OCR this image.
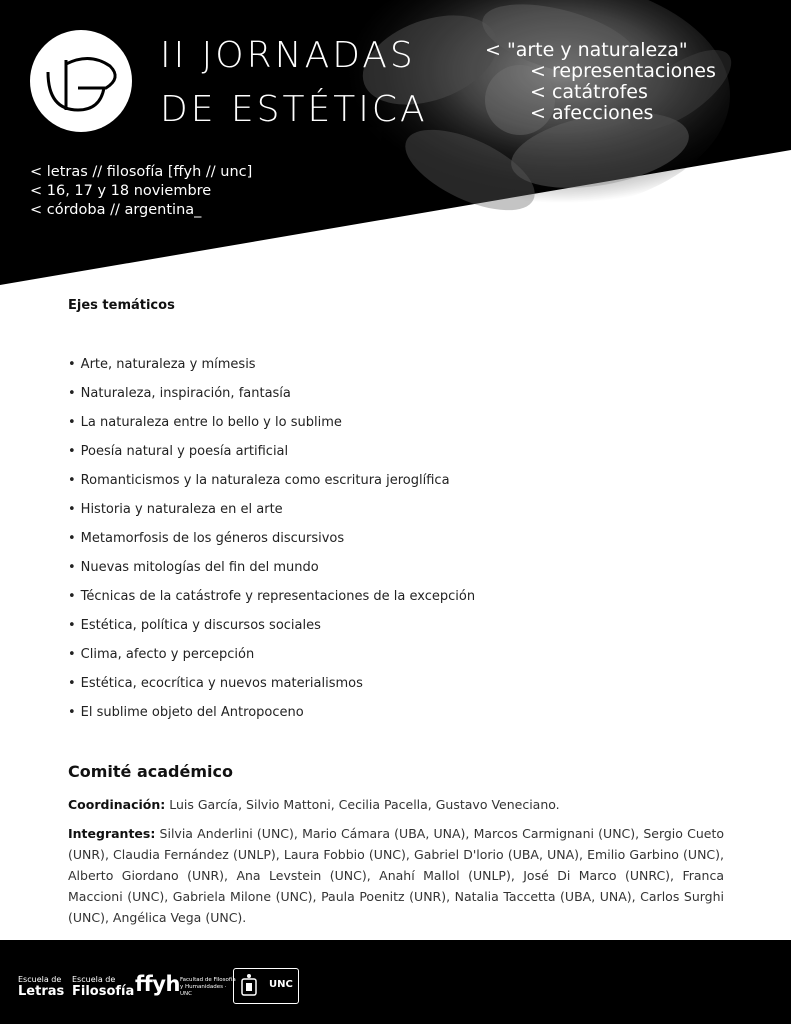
II JORNADAS
DE ESTÉTICA
< "arte y naturaleza"
< representaciones
< catátrofes
< afecciones
< letras // filosofía [ffyh // unc]
< 16, 17 y 18 noviembre
< córdoba // argentina_
Ejes temáticos
• Arte, naturaleza y mímesis
• Naturaleza, inspiración, fantasía
• La naturaleza entre lo bello y lo sublime
• Poesía natural y poesía artificial
• Romanticismos y la naturaleza como escritura jeroglífica
• Historia y naturaleza en el arte
• Metamorfosis de los géneros discursivos
• Nuevas mitologías del fin del mundo
• Técnicas de la catástrofe y representaciones de la excepción
• Estética, política y discursos sociales
• Clima, afecto y percepción
• Estética, ecocrítica y nuevos materialismos
• El sublime objeto del Antropoceno
Comité académico
Coordinación: Luis García, Silvio Mattoni, Cecilia Pacella, Gustavo Veneciano.
Integrantes: Silvia Anderlini (UNC), Mario Cámara (UBA, UNA), Marcos Carmignani (UNC), Sergio Cueto (UNR), Claudia Fernández (UNLP), Laura Fobbio (UNC), Gabriel D'lorio (UBA, UNA), Emilio Garbino (UNC), Alberto Giordano (UNR), Ana Levstein (UNC), Anahí Mallol (UNLP), José Di Marco (UNRC), Franca Maccioni (UNC), Gabriela Milone (UNC), Paula Poenitz (UNR), Natalia Taccetta (UBA, UNA), Carlos Surghi (UNC), Angélica Vega (UNC).
Escuela de
Letras
Escuela de
Filosofía ffyh Facultad de Filosofía y Humanidades · UNC
UNC
